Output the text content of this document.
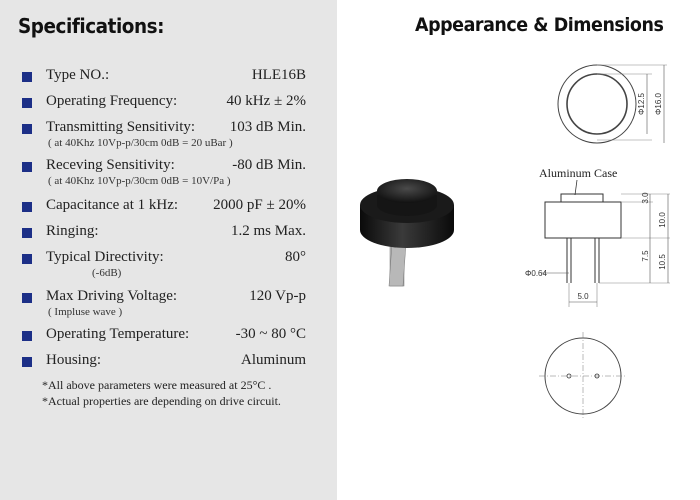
Specifications:
Type NO.:	HLE16B
Operating Frequency:	40 kHz ± 2%
Transmitting Sensitivity: 103 dB Min.
( at 40Khz 10Vp-p/30cm 0dB = 20 uBar )
Receving Sensitivity:	-80 dB Min.
( at 40Khz 10Vp-p/30cm 0dB = 10V/Pa )
Capacitance at 1 kHz: 2000 pF ± 20%
Ringing:	1.2 ms Max.
Typical Directivity:	80°
(-6dB)
Max Driving Voltage:	120 Vp-p
( Impluse wave )
Operating Temperature:	-30 ~ 80 °C
Housing:	Aluminum
*All above parameters were measured at 25°C .
*Actual properties are depending on drive circuit.
Appearance & Dimensions
Φ12.5 Φ16.0
Aluminum Case
3.0
10.0
7.5 10.5
Φ0.64
5.0
